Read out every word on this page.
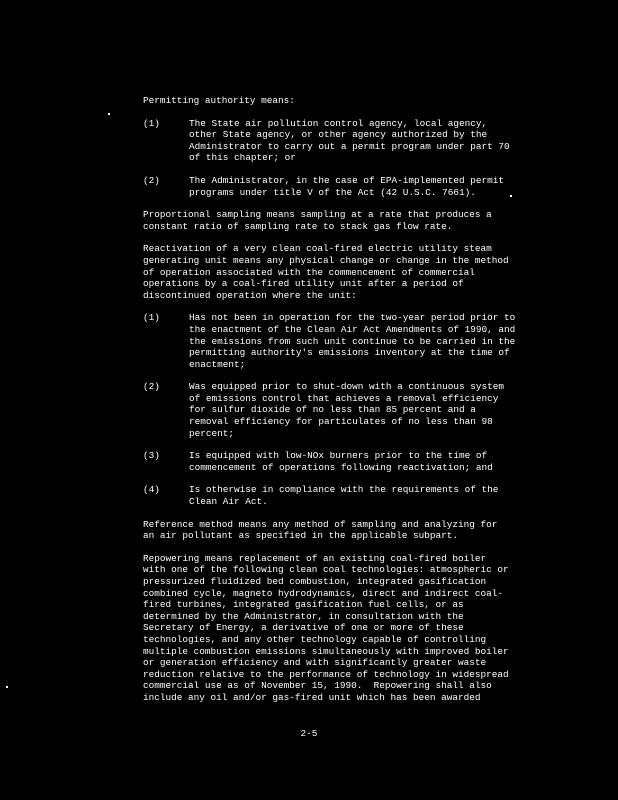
Permitting authority means:

(1)	The State air pollution control agency, local agency,
other State agency, or other agency authorized by the
Administrator to carry out a permit program under part 70
of this chapter; or
(2)	The Administrator, in the case of EPA-implemented permit
programs under title V of the Act (42 U.S.C. 7661).

Proportional sampling means sampling at a rate that produces a
constant ratio of sampling rate to stack gas flow rate.

Reactivation of a very clean coal-fired electric utility steam
generating unit means any physical change or change in the method
of operation associated with the commencement of commercial
operations by a coal-fired utility unit after a period of
discontinued operation where the unit:

(1)	Has not been in operation for the two-year period prior to
the enactment of the Clean Air Act Amendments of 1990, and
the emissions from such unit continue to be carried in the
permitting authority's emissions inventory at the time of
enactment;
(2)	Was equipped prior to shut-down with a continuous system
of emissions control that achieves a removal efficiency
for sulfur dioxide of no less than 85 percent and a
removal efficiency for particulates of no less than 98
percent;
(3)	Is equipped with low-NOx burners prior to the time of
commencement of operations following reactivation; and
(4)	Is otherwise in compliance with the requirements of the
Clean Air Act.

Reference method means any method of sampling and analyzing for
an air pollutant as specified in the applicable subpart.

Repowering means replacement of an existing coal-fired boiler
with one of the following clean coal technologies: atmospheric or
pressurized fluidized bed combustion, integrated gasification
combined cycle, magneto hydrodynamics, direct and indirect coal-
fired turbines, integrated gasification fuel cells, or as
determined by the Administrator, in consultation with the
Secretary of Energy, a derivative of one or more of these
technologies, and any other technology capable of controlling
multiple combustion emissions simultaneously with improved boiler
or generation efficiency and with significantly greater waste
reduction relative to the performance of technology in widespread
commercial use as of November 15, 1990.  Repowering shall also
include any oil and/or gas-fired unit which has been awarded

2-5
